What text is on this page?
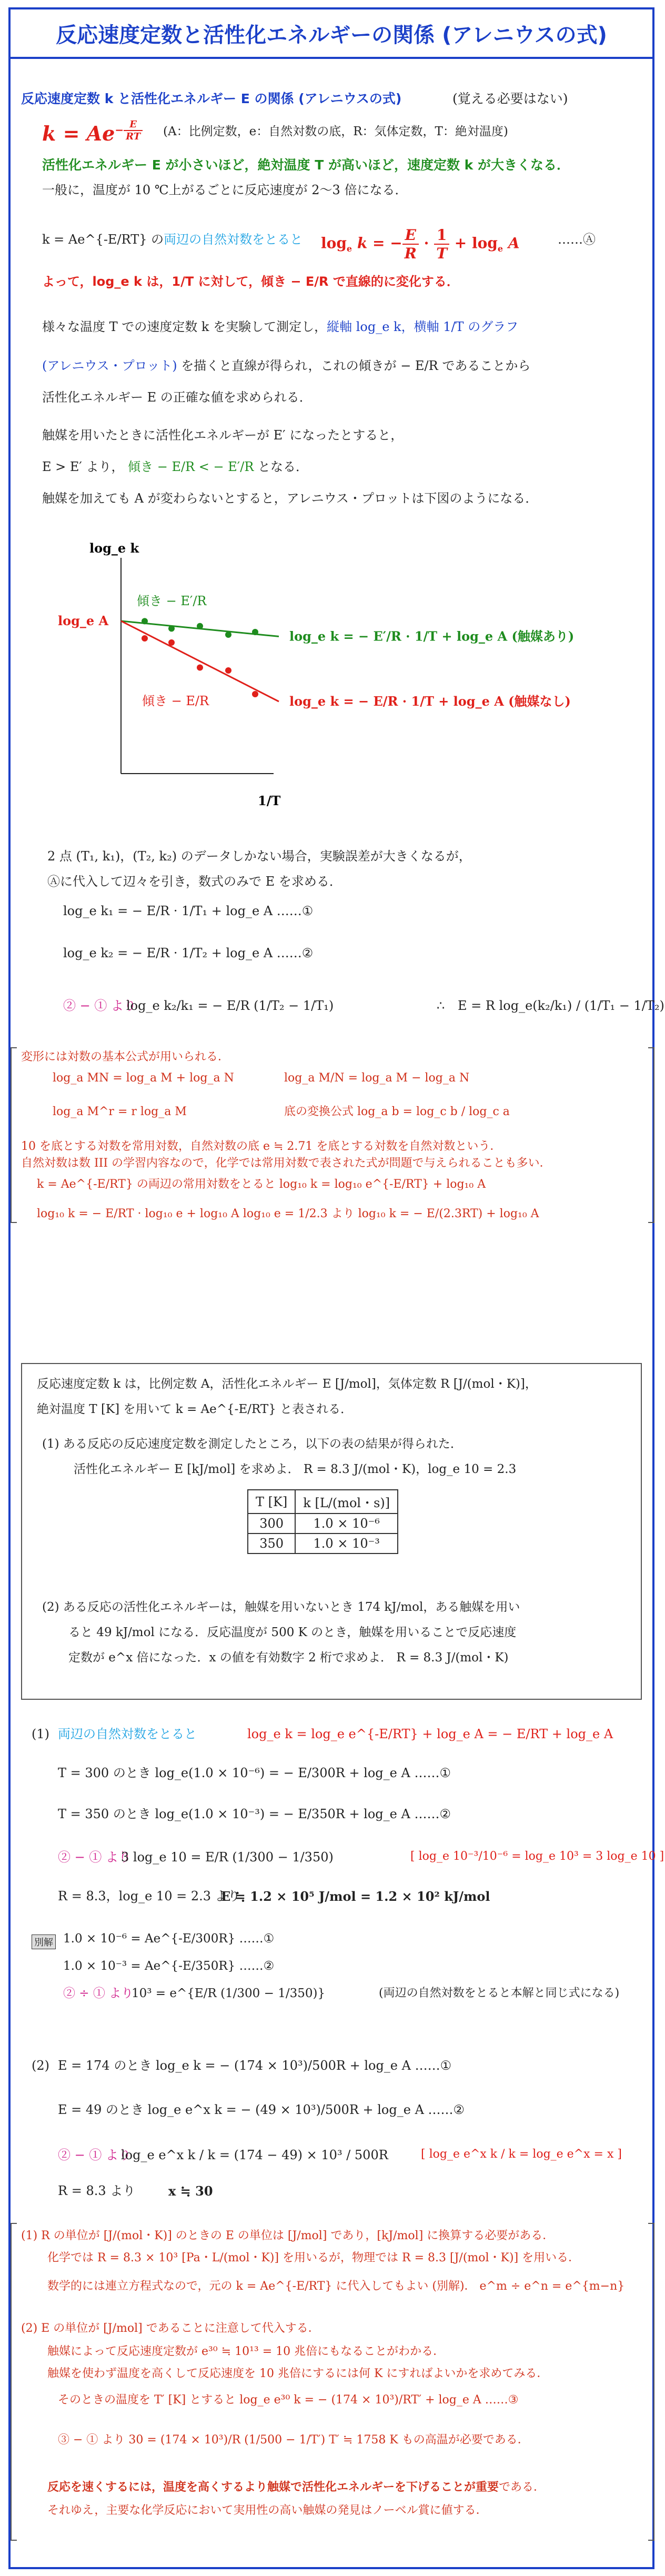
反応速度定数と活性化エネルギーの関係 (アレニウスの式)
反応速度定数 k と活性化エネルギー E の関係 (アレニウスの式)	(覚える必要はない)
$k = Ae^{- \frac{E}{RT}}$ (A：比例定数，e：自然対数の底，R：気体定数，T：絶対温度)
活性化エネルギー E が小さいほど，絶対温度 T が高いほど，速度定数 k が大きくなる．
一般に，温度が 10 ℃上がるごとに反応速度が 2～3 倍になる．
k = Ae^{-E/RT} の両辺の自然対数をとると $\log_e k$ = − $\frac{E}{R} \cdot \frac{1}{T} + \log_e A$	……Ⓐ
よって，log_e k は，1/T に対して，傾き − E/R で直線的に変化する．
様々な温度 T での速度定数 k を実験して測定し，縦軸 log_e k，横軸 1/T のグラフ
(アレニウス・プロット) を描くと直線が得られ，これの傾きが − E/R であることから
活性化エネルギー E の正確な値を求められる．
触媒を用いたときに活性化エネルギーが E′ になったとすると，
E > E′ より， 傾き − E/R < − E′/R となる．
触媒を加えても A が変わらないとすると，アレニウス・プロットは下図のようになる．
log_e k
1/T
log_e A
傾き − E′/R
log_e k = − E′/R · 1/T + log_e A (触媒あり)
傾き − E/R	log_e k = − E/R · 1/T + log_e A (触媒なし)
2 点 (T₁, k₁)，(T₂, k₂) のデータしかない場合，実験誤差が大きくなるが，
Ⓐに代入して辺々を引き，数式のみで E を求める．
log_e k₁ = − E/R · 1/T₁ + log_e A ……①
log_e k₂ = − E/R · 1/T₂ + log_e A ……②
② − ① より
log_e k₂/k₁ = − E/R (1/T₂ − 1/T₁)	∴ E = R log_e(k₂/k₁) / (1/T₁ − 1/T₂)
変形には対数の基本公式が用いられる．
log_a MN = log_a M + log_a N	log_a M/N = log_a M − log_a N
log_a M^r = r log_a M	底の変換公式 log_a b = log_c b / log_c a
10 を底とする対数を常用対数，自然対数の底 e ≒ 2.71 を底とする対数を自然対数という．
自然対数は数 III の学習内容なので，化学では常用対数で表された式が問題で与えられることも多い．
k = Ae^{-E/RT} の両辺の常用対数をとると log₁₀ k = log₁₀ e^{-E/RT} + log₁₀ A
log₁₀ k = − E/RT · log₁₀ e + log₁₀ A log₁₀ e = 1/2.3 より log₁₀ k = − E/(2.3RT) + log₁₀ A
反応速度定数 k は，比例定数 A，活性化エネルギー E [J/mol]，気体定数 R [J/(mol・K)]，
絶対温度 T [K] を用いて k = Ae^{-E/RT} と表される．
(1) ある反応の反応速度定数を測定したところ，以下の表の結果が得られた．
活性化エネルギー E [kJ/mol] を求めよ． R = 8.3 J/(mol・K)，log_e 10 = 2.3
T [K]	k [L/(mol・s)]
300	1.0 × 10⁻⁶
350	1.0 × 10⁻³
(2) ある反応の活性化エネルギーは，触媒を用いないとき 174 kJ/mol，ある触媒を用い
ると 49 kJ/mol になる．反応温度が 500 K のとき，触媒を用いることで反応速度
定数が e^x 倍になった．x の値を有効数字 2 桁で求めよ． R = 8.3 J/(mol・K)
(1) 両辺の自然対数をとると	log_e k = log_e e^{-E/RT} + log_e A = − E/RT + log_e A
T = 300 のとき log_e(1.0 × 10⁻⁶) = − E/300R + log_e A ……①
T = 350 のとき log_e(1.0 × 10⁻³) = − E/350R + log_e A ……②
② − ① より
3 log_e 10 = E/R (1/300 − 1/350)	[ log_e 10⁻³/10⁻⁶ = log_e 10³ = 3 log_e 10 ]
R = 8.3，log_e 10 = 2.3 より
E ≒ 1.2 × 10⁵ J/mol = 1.2 × 10² kJ/mol
別解 1.0 × 10⁻⁶ = Ae^{-E/300R} ……①
1.0 × 10⁻³ = Ae^{-E/350R} ……②
② ÷ ① より
10³ = e^{E/R (1/300 − 1/350)}	(両辺の自然対数をとると本解と同じ式になる)
(2) E = 174 のとき log_e k = − (174 × 10³)/500R + log_e A ……①
E = 49 のとき log_e e^x k = − (49 × 10³)/500R + log_e A ……②
② − ① より
log_e e^x k / k = (174 − 49) × 10³ / 500R	[ log_e e^x k / k = log_e e^x = x ]
R = 8.3 より	x ≒ 30
(1) R の単位が [J/(mol・K)] のときの E の単位は [J/mol] であり，[kJ/mol] に換算する必要がある．
化学では R = 8.3 × 10³ [Pa・L/(mol・K)] を用いるが，物理では R = 8.3 [J/(mol・K)] を用いる．
数学的には連立方程式なので，元の k = Ae^{-E/RT} に代入してもよい (別解)． e^m ÷ e^n = e^{m−n}
(2) E の単位が [J/mol] であることに注意して代入する．
触媒によって反応速度定数が e³⁰ ≒ 10¹³ = 10 兆倍にもなることがわかる．
触媒を使わず温度を高くして反応速度を 10 兆倍にするには何 K にすればよいかを求めてみる．
そのときの温度を T′ [K] とすると log_e e³⁰ k = − (174 × 10³)/RT′ + log_e A ……③
③ − ① より 30 = (174 × 10³)/R (1/500 − 1/T′) T′ ≒ 1758 K もの高温が必要である．
反応を速くするには，温度を高くするより触媒で活性化エネルギーを下げることが重要である．
それゆえ，主要な化学反応において実用性の高い触媒の発見はノーベル賞に値する．
